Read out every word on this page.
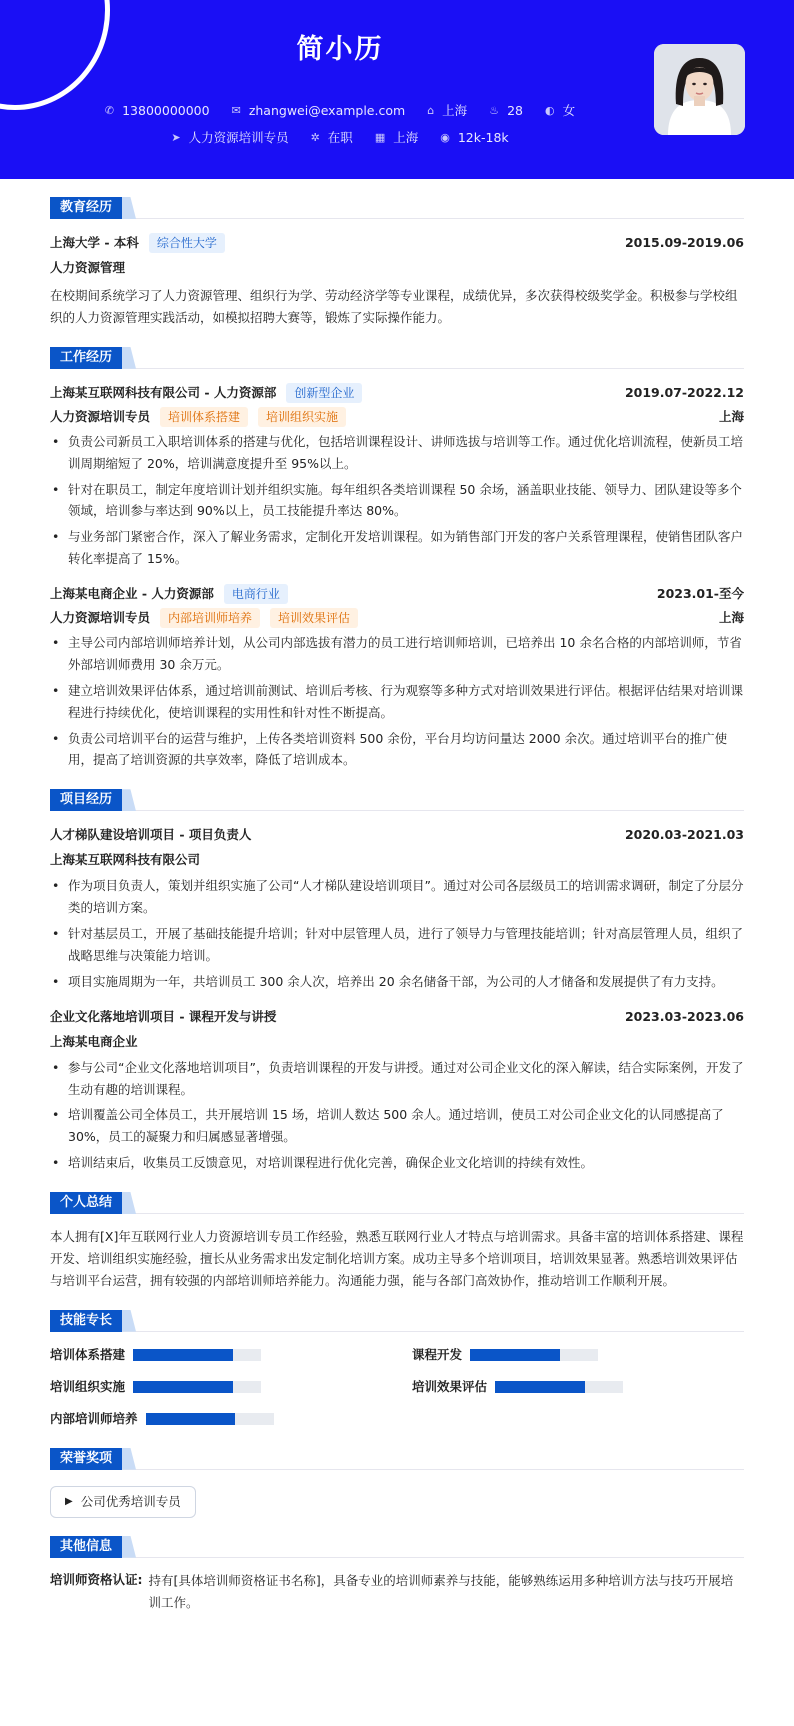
简小历
✆ 13800000000 ✉ zhangwei@example.com ⌂ 上海 ♨ 28 ◐ 女
➤ 人力资源培训专员 ✲ 在职 ▦ 上海 ◉ 12k-18k
教育经历
上海大学 - 本科	综合性大学	2015.09-2019.06
人力资源管理
在校期间系统学习了人力资源管理、组织行为学、劳动经济学等专业课程，成绩优异，多次获得校级奖学金。积极参与学校组织的人力资源管理实践活动，如模拟招聘大赛等，锻炼了实际操作能力。
工作经历
上海某互联网科技有限公司 - 人力资源部	创新型企业	2019.07-2022.12
人力资源培训专员	培训体系搭建	培训组织实施	上海
• 负责公司新员工入职培训体系的搭建与优化，包括培训课程设计、讲师选拔与培训等工作。通过优化培训流程，使新员工培训周期缩短了 20%，培训满意度提升至 95%以上。
• 针对在职员工，制定年度培训计划并组织实施。每年组织各类培训课程 50 余场，涵盖职业技能、领导力、团队建设等多个领域，培训参与率达到 90%以上，员工技能提升率达 80%。
• 与业务部门紧密合作，深入了解业务需求，定制化开发培训课程。如为销售部门开发的客户关系管理课程，使销售团队客户转化率提高了 15%。
上海某电商企业 - 人力资源部	电商行业	2023.01-至今
人力资源培训专员	内部培训师培养	培训效果评估	上海
• 主导公司内部培训师培养计划，从公司内部选拔有潜力的员工进行培训师培训，已培养出 10 余名合格的内部培训师，节省外部培训师费用 30 余万元。
• 建立培训效果评估体系，通过培训前测试、培训后考核、行为观察等多种方式对培训效果进行评估。根据评估结果对培训课程进行持续优化，使培训课程的实用性和针对性不断提高。
• 负责公司培训平台的运营与维护，上传各类培训资料 500 余份，平台月均访问量达 2000 余次。通过培训平台的推广使用，提高了培训资源的共享效率，降低了培训成本。
项目经历
人才梯队建设培训项目 - 项目负责人	2020.03-2021.03
上海某互联网科技有限公司
• 作为项目负责人，策划并组织实施了公司“人才梯队建设培训项目”。通过对公司各层级员工的培训需求调研，制定了分层分类的培训方案。
• 针对基层员工，开展了基础技能提升培训；针对中层管理人员，进行了领导力与管理技能培训；针对高层管理人员，组织了战略思维与决策能力培训。
• 项目实施周期为一年，共培训员工 300 余人次，培养出 20 余名储备干部，为公司的人才储备和发展提供了有力支持。
企业文化落地培训项目 - 课程开发与讲授	2023.03-2023.06
上海某电商企业
• 参与公司“企业文化落地培训项目”，负责培训课程的开发与讲授。通过对公司企业文化的深入解读，结合实际案例，开发了生动有趣的培训课程。
• 培训覆盖公司全体员工，共开展培训 15 场，培训人数达 500 余人。通过培训，使员工对公司企业文化的认同感提高了 30%，员工的凝聚力和归属感显著增强。
• 培训结束后，收集员工反馈意见，对培训课程进行优化完善，确保企业文化培训的持续有效性。
个人总结
本人拥有[X]年互联网行业人力资源培训专员工作经验，熟悉互联网行业人才特点与培训需求。具备丰富的培训体系搭建、课程开发、培训组织实施经验，擅长从业务需求出发定制化培训方案。成功主导多个培训项目，培训效果显著。熟悉培训效果评估与培训平台运营，拥有较强的内部培训师培养能力。沟通能力强，能与各部门高效协作，推动培训工作顺利开展。
技能专长
培训体系搭建	课程开发
培训组织实施	培训效果评估
内部培训师培养
荣誉奖项
▶ 公司优秀培训专员
其他信息
培训师资格认证: 持有[具体培训师资格证书名称]，具备专业的培训师素养与技能，能够熟练运用多种培训方法与技巧开展培训工作。
